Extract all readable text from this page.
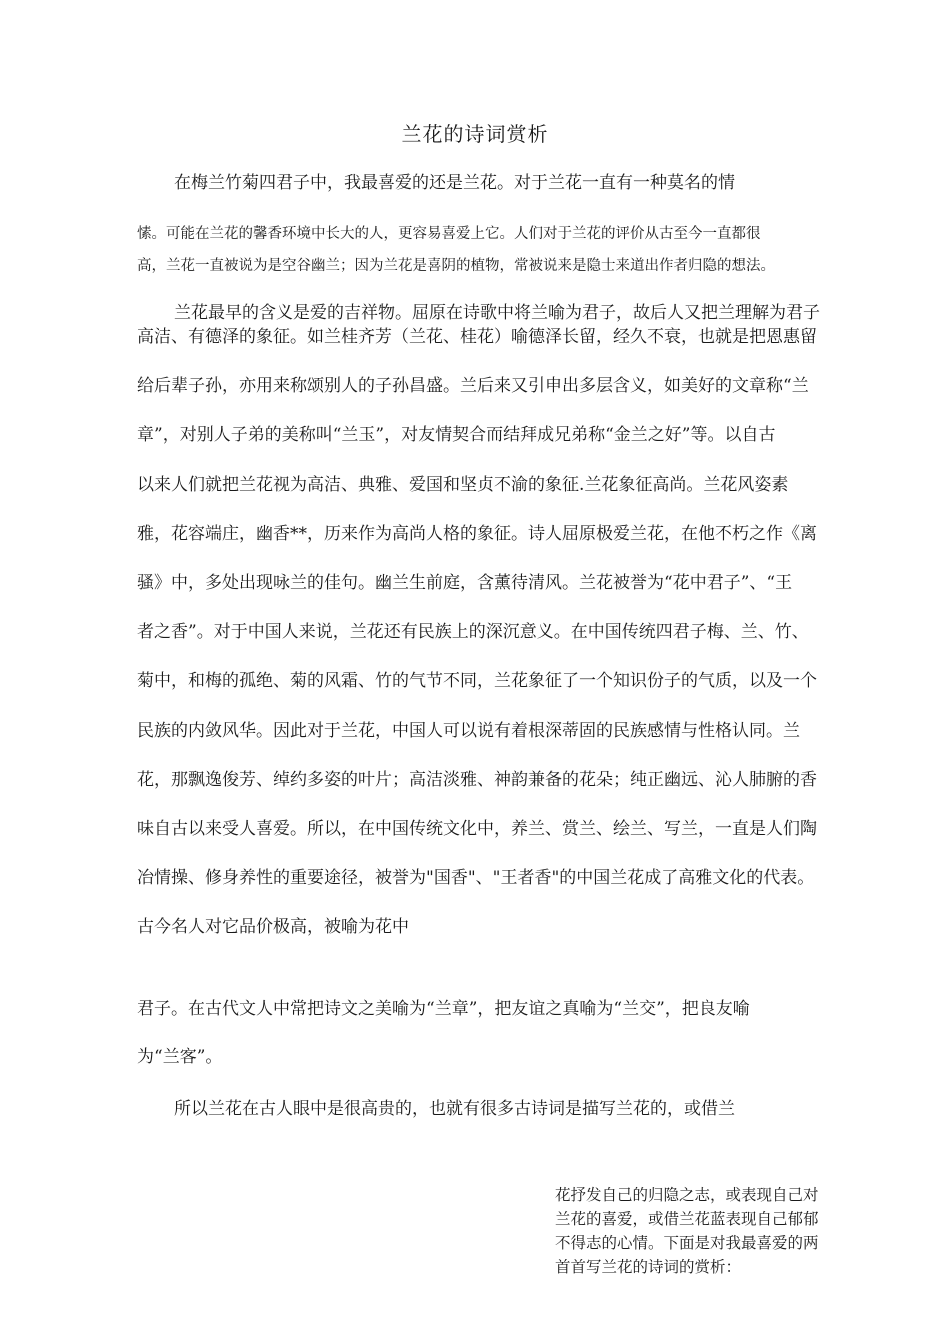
兰花的诗词赏析

在梅兰竹菊四君子中，我最喜爱的还是兰花。对于兰花一直有一种莫名的情

愫。可能在兰花的馨香环境中长大的人，更容易喜爱上它。人们对于兰花的评价从古至今一直都很

高，兰花一直被说为是空谷幽兰；因为兰花是喜阴的植物，常被说来是隐士来道出作者归隐的想法。

兰花最早的含义是爱的吉祥物。屈原在诗歌中将兰喻为君子，故后人又把兰理解为君子

高洁、有德泽的象征。如兰桂齐芳（兰花、桂花）喻德泽长留，经久不衰，也就是把恩惠留

给后辈子孙，亦用来称颂别人的子孙昌盛。兰后来又引申出多层含义，如美好的文章称“兰

章”，对别人子弟的美称叫“兰玉”，对友情契合而结拜成兄弟称“金兰之好”等。以自古

以来人们就把兰花视为高洁、典雅、爱国和坚贞不渝的象征.兰花象征高尚。兰花风姿素

雅，花容端庄，幽香**，历来作为高尚人格的象征。诗人屈原极爱兰花，在他不朽之作《离

骚》中，多处出现咏兰的佳句。幽兰生前庭，含薰待清风。兰花被誉为“花中君子”、“王

者之香”。对于中国人来说，兰花还有民族上的深沉意义。在中国传统四君子梅、兰、竹、

菊中，和梅的孤绝、菊的风霜、竹的气节不同，兰花象征了一个知识份子的气质，以及一个

民族的内敛风华。因此对于兰花，中国人可以说有着根深蒂固的民族感情与性格认同。兰

花，那飘逸俊芳、绰约多姿的叶片；高洁淡雅、神韵兼备的花朵；纯正幽远、沁人肺腑的香

味自古以来受人喜爱。所以，在中国传统文化中，养兰、赏兰、绘兰、写兰，一直是人们陶

冶情操、修身养性的重要途径，被誉为"国香"、"王者香"的中国兰花成了高雅文化的代表。

古今名人对它品价极高，被喻为花中

君子。在古代文人中常把诗文之美喻为“兰章”，把友谊之真喻为“兰交”，把良友喻

为“兰客”。

所以兰花在古人眼中是很高贵的，也就有很多古诗词是描写兰花的，或借兰

花抒发自己的归隐之志，或表现自己对
兰花的喜爱，或借兰花蓝表现自己郁郁
不得志的心情。下面是对我最喜爱的两
首首写兰花的诗词的赏析：
